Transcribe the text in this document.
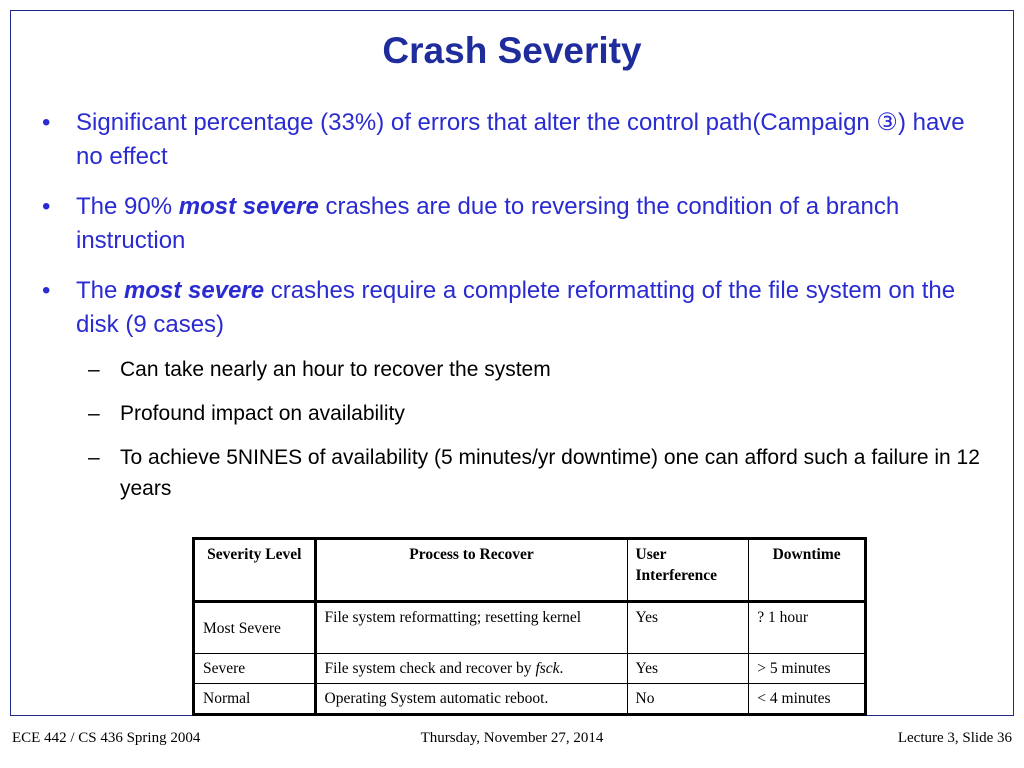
Crash Severity
• Significant percentage (33%) of errors that alter the control path(Campaign ③) have no effect
• The 90% most severe crashes are due to reversing the condition of a branch instruction
• The most severe crashes require a complete reformatting of the file system on the disk (9 cases)
– Can take nearly an hour to recover the system
– Profound impact on availability
– To achieve 5NINES of availability (5 minutes/yr downtime) one can afford such a failure in 12 years
Severity Level	Process to Recover	User Interference	Downtime
Most Severe	File system reformatting; resetting kernel	Yes	? 1 hour
Severe	File system check and recover by fsck.	Yes	> 5 minutes
Normal	Operating System automatic reboot.	No	< 4 minutes
ECE 442 / CS 436 Spring 2004	Thursday, November 27, 2014	Lecture 3, Slide 36
